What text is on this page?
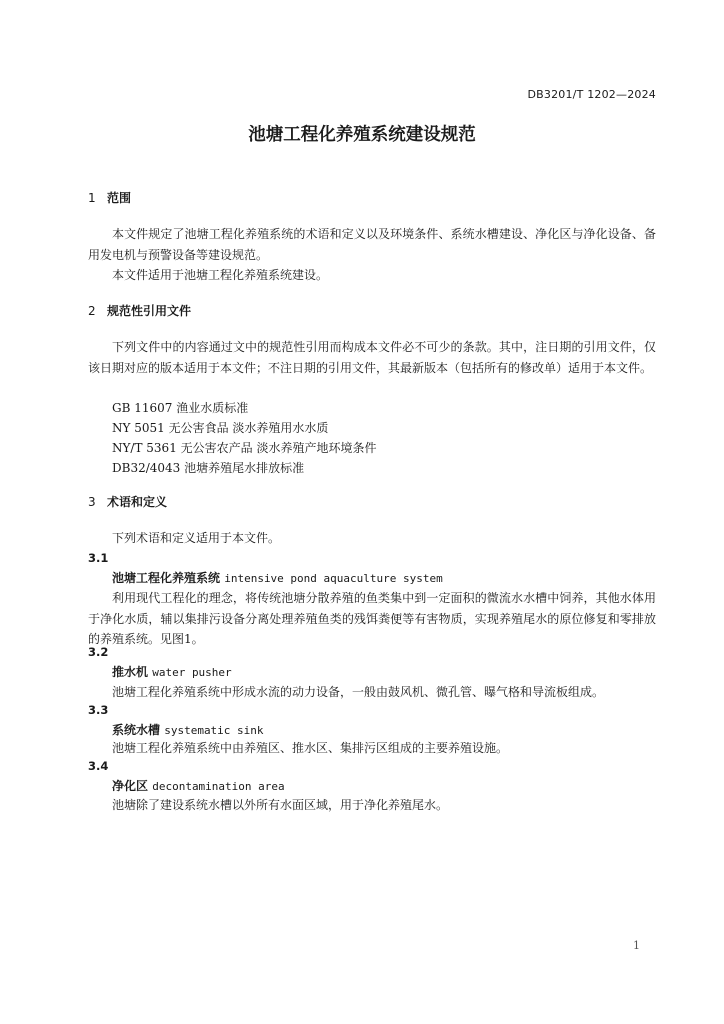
DB3201/T 1202—2024
池塘工程化养殖系统建设规范
1 范围
本文件规定了池塘工程化养殖系统的术语和定义以及环境条件、系统水槽建设、净化区与净化设备、备用发电机与预警设备等建设规范。
本文件适用于池塘工程化养殖系统建设。
2 规范性引用文件
下列文件中的内容通过文中的规范性引用而构成本文件必不可少的条款。其中，注日期的引用文件，仅该日期对应的版本适用于本文件；不注日期的引用文件，其最新版本（包括所有的修改单）适用于本文件。
GB 11607 渔业水质标准
NY 5051 无公害食品 淡水养殖用水水质
NY/T 5361 无公害农产品 淡水养殖产地环境条件
DB32/4043 池塘养殖尾水排放标准
3 术语和定义
下列术语和定义适用于本文件。
3.1
池塘工程化养殖系统 intensive pond aquaculture system
利用现代工程化的理念，将传统池塘分散养殖的鱼类集中到一定面积的微流水水槽中饲养，其他水体用于净化水质，辅以集排污设备分离处理养殖鱼类的残饵粪便等有害物质，实现养殖尾水的原位修复和零排放的养殖系统。见图1。
3.2
推水机 water pusher
池塘工程化养殖系统中形成水流的动力设备，一般由鼓风机、微孔管、曝气格和导流板组成。
3.3
系统水槽 systematic sink
池塘工程化养殖系统中由养殖区、推水区、集排污区组成的主要养殖设施。
3.4
净化区 decontamination area
池塘除了建设系统水槽以外所有水面区域，用于净化养殖尾水。
1
